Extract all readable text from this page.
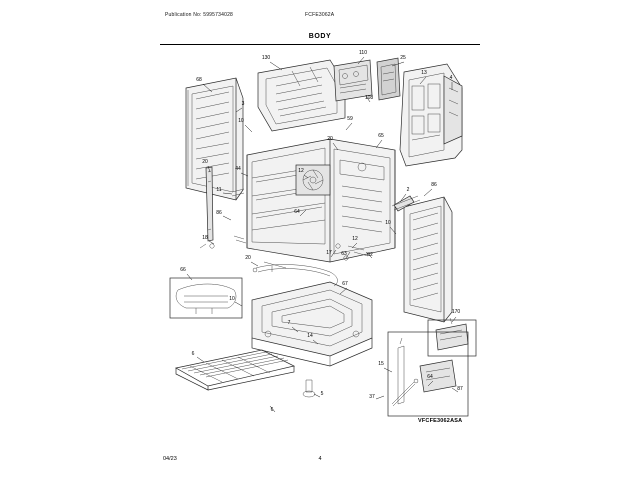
Publication No: 5995734028	FCFE3062A
BODY
68
130
110
25
13
4
3
108
10	59
20	65
44	12
11	2
86
86	64
10
18
17 63	82
12
66
67
170
7
14
15
64
87
6
5
6
37
10
20
20
04/23	4
VFCFE3062ASA
